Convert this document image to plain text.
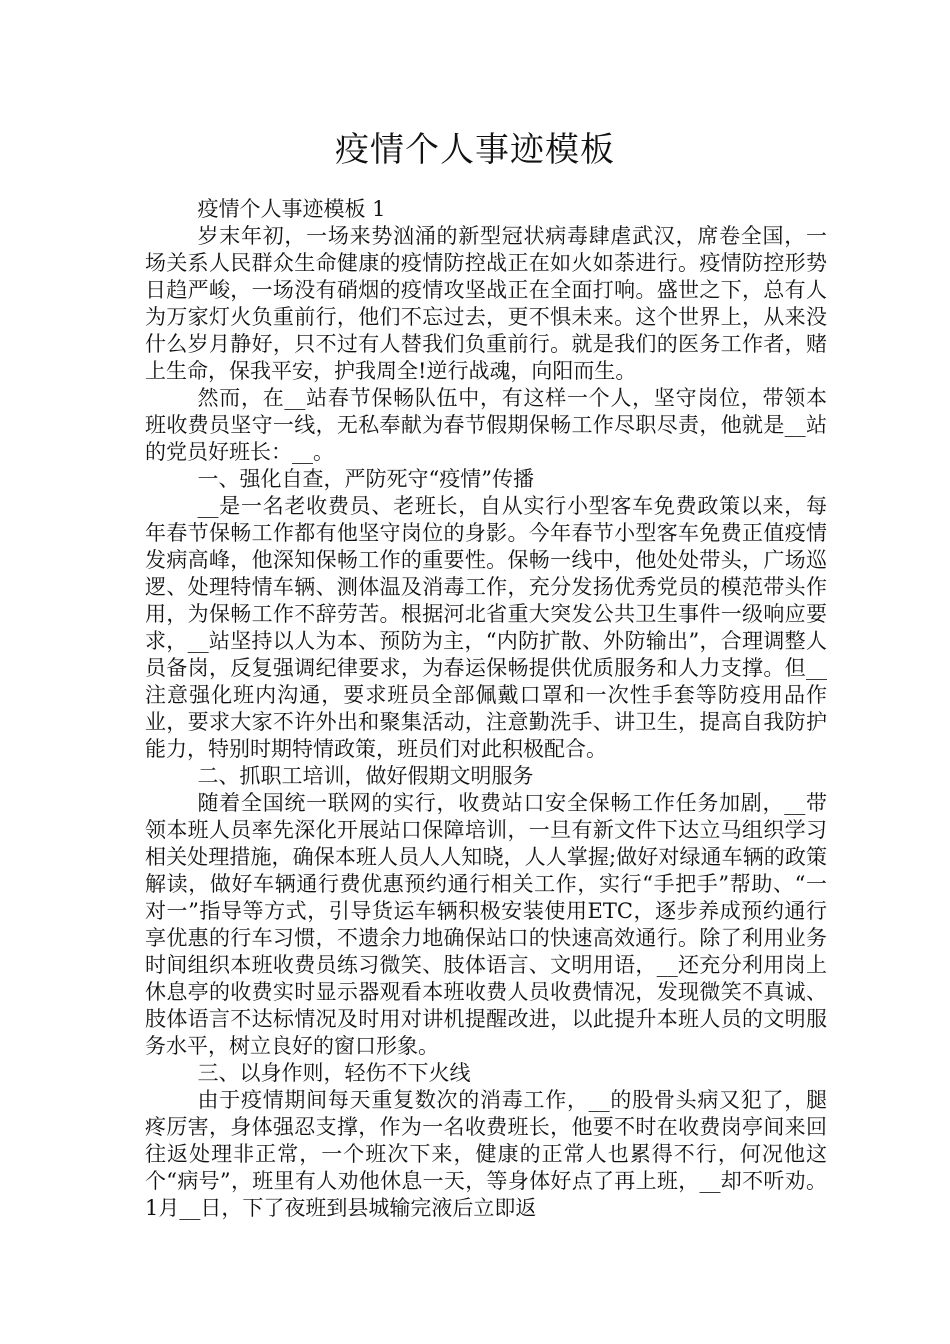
疫情个人事迹模板

疫情个人事迹模板 1

岁末年初，一场来势汹涌的新型冠状病毒肆虐武汉，席卷全国，一场关系人民群众生命健康的疫情防控战正在如火如荼进行。疫情防控形势日趋严峻，一场没有硝烟的疫情攻坚战正在全面打响。盛世之下，总有人为万家灯火负重前行，他们不忘过去，更不惧未来。这个世界上，从来没什么岁月静好，只不过有人替我们负重前行。就是我们的医务工作者，赌上生命，保我平安，护我周全!逆行战魂，向阳而生。

然而，在__站春节保畅队伍中，有这样一个人，坚守岗位，带领本班收费员坚守一线，无私奉献为春节假期保畅工作尽职尽责，他就是__站的党员好班长：__。

一、强化自查，严防死守“疫情”传播

__是一名老收费员、老班长，自从实行小型客车免费政策以来，每年春节保畅工作都有他坚守岗位的身影。今年春节小型客车免费正值疫情发病高峰，他深知保畅工作的重要性。保畅一线中，他处处带头，广场巡逻、处理特情车辆、测体温及消毒工作，充分发扬优秀党员的模范带头作用，为保畅工作不辞劳苦。根据河北省重大突发公共卫生事件一级响应要求，__站坚持以人为本、预防为主，“内防扩散、外防输出”，合理调整人员备岗，反复强调纪律要求，为春运保畅提供优质服务和人力支撑。但__注意强化班内沟通，要求班员全部佩戴口罩和一次性手套等防疫用品作业，要求大家不许外出和聚集活动，注意勤洗手、讲卫生，提高自我防护能力，特别时期特情政策，班员们对此积极配合。

二、抓职工培训，做好假期文明服务

随着全国统一联网的实行，收费站口安全保畅工作任务加剧，__带领本班人员率先深化开展站口保障培训，一旦有新文件下达立马组织学习相关处理措施，确保本班人员人人知晓，人人掌握;做好对绿通车辆的政策解读，做好车辆通行费优惠预约通行相关工作，实行“手把手”帮助、“一对一”指导等方式，引导货运车辆积极安装使用ETC，逐步养成预约通行享优惠的行车习惯，不遗余力地确保站口的快速高效通行。除了利用业务时间组织本班收费员练习微笑、肢体语言、文明用语，__还充分利用岗上休息亭的收费实时显示器观看本班收费人员收费情况，发现微笑不真诚、肢体语言不达标情况及时用对讲机提醒改进，以此提升本班人员的文明服务水平，树立良好的窗口形象。

三、以身作则，轻伤不下火线

由于疫情期间每天重复数次的消毒工作，__的股骨头病又犯了，腿疼厉害，身体强忍支撑，作为一名收费班长，他要不时在收费岗亭间来回往返处理非正常，一个班次下来，健康的正常人也累得不行，何况他这个“病号”，班里有人劝他休息一天，等身体好点了再上班，__却不听劝。1月__日，下了夜班到县城输完液后立即返
